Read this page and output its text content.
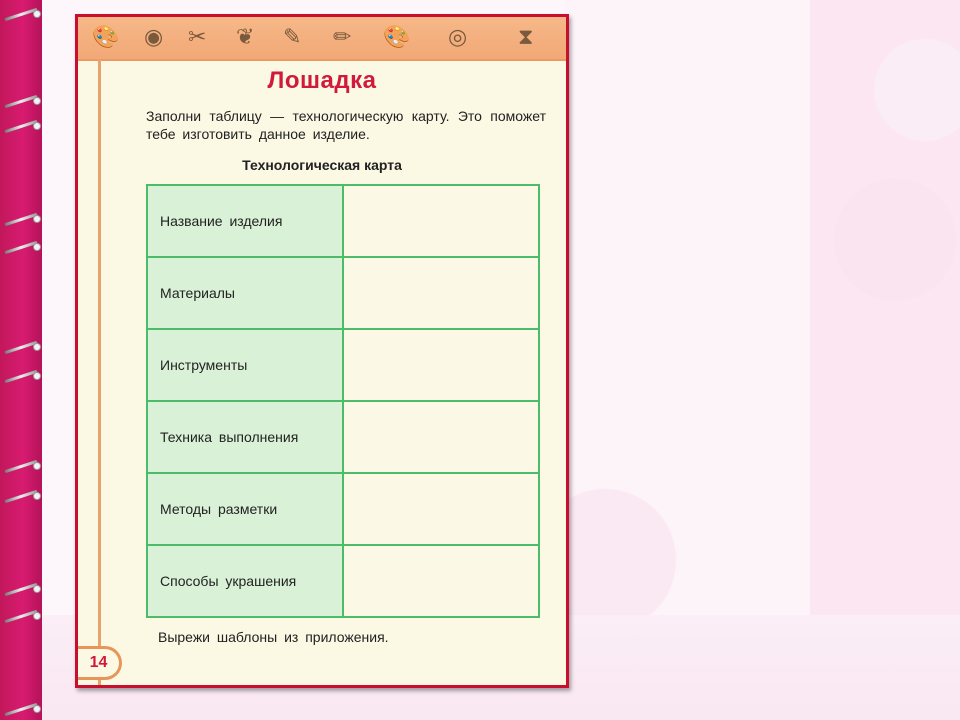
🎨 ◉ ✂ ❦ ✎ ✏ 🎨 ◎ ⧗
Лошадка
Заполни таблицу — технологическую карту. Это поможет тебе изготовить данное изделие.
Технологическая карта
Название изделия	
Материалы	
Инструменты	
Техника выполнения	
Методы разметки	
Способы украшения	
Вырежи шаблоны из приложения.
14
